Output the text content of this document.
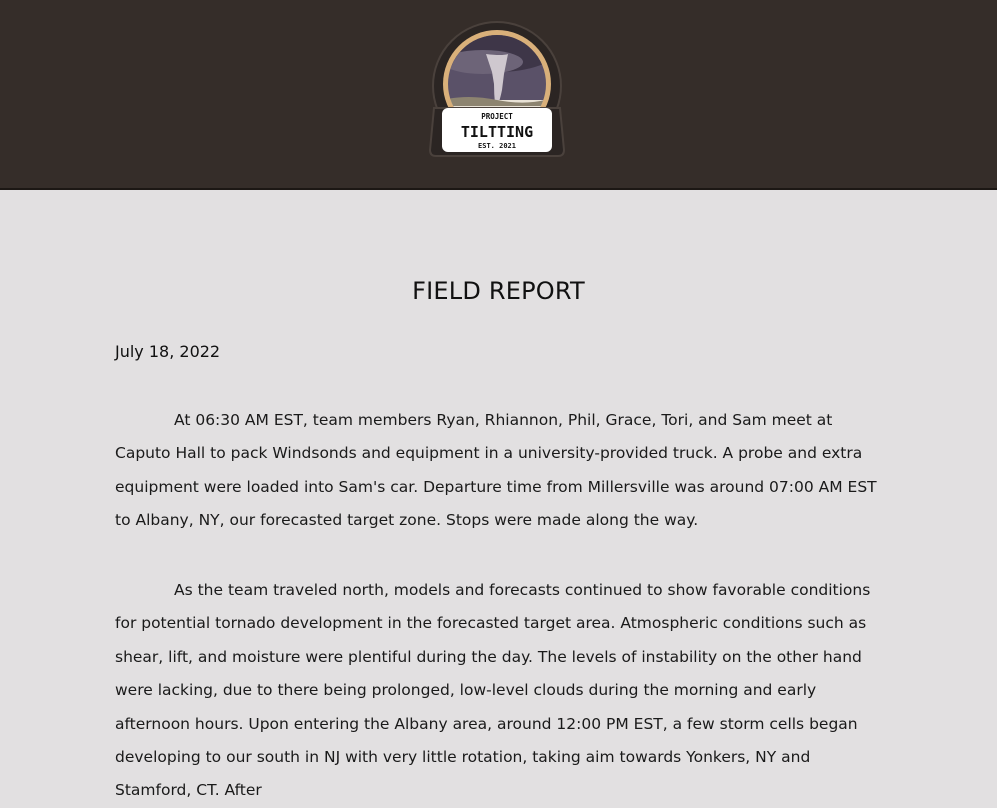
PROJECT
TILTTING
EST. 2021
FIELD REPORT
July 18, 2022

At 06:30 AM EST, team members Ryan, Rhiannon, Phil, Grace, Tori, and Sam meet at Caputo Hall to pack Windsonds and equipment in a university-provided truck. A probe and extra equipment were loaded into Sam's car. Departure time from Millersville was around 07:00 AM EST to Albany, NY, our forecasted target zone. Stops were made along the way.

As the team traveled north, models and forecasts continued to show favorable conditions for potential tornado development in the forecasted target area. Atmospheric conditions such as shear, lift, and moisture were plentiful during the day. The levels of instability on the other hand were lacking, due to there being prolonged, low-level clouds during the morning and early afternoon hours. Upon entering the Albany area, around 12:00 PM EST, a few storm cells began developing to our south in NJ with very little rotation, taking aim towards Yonkers, NY and Stamford, CT. After
